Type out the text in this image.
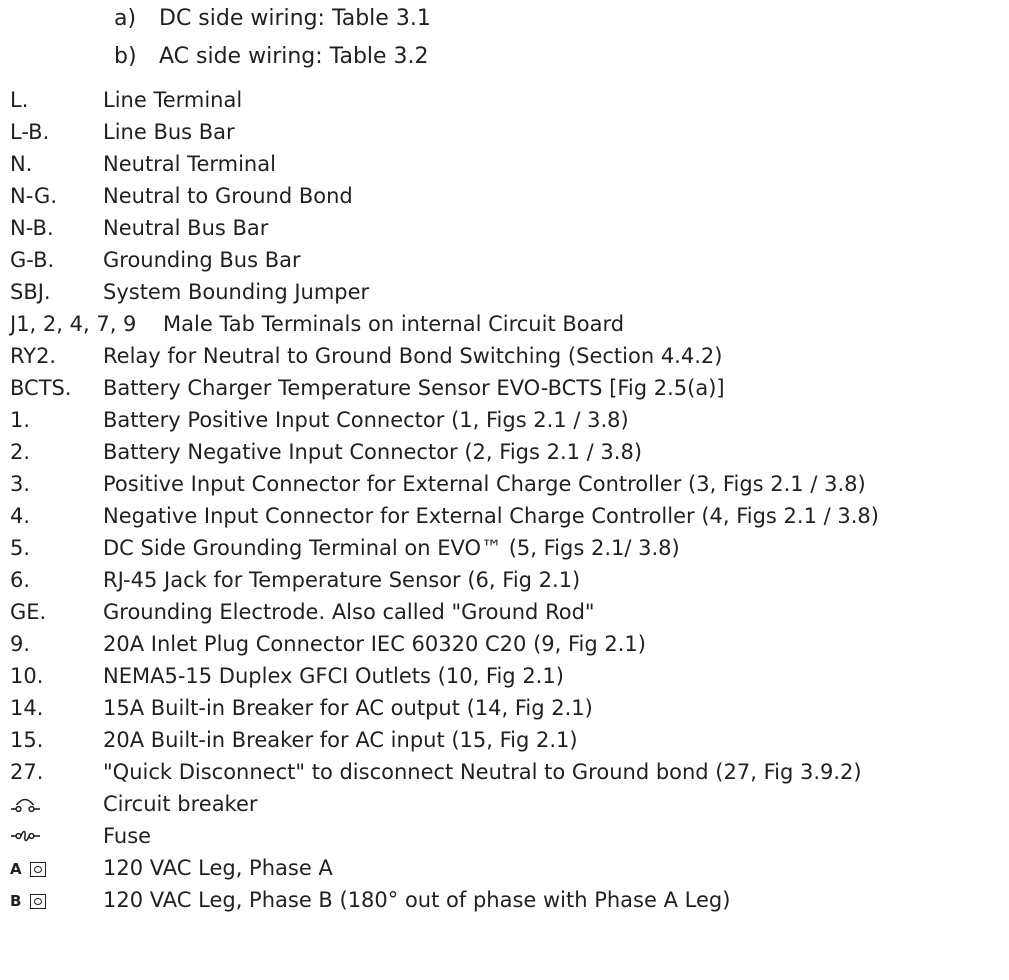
a) DC side wiring: Table 3.1
b) AC side wiring: Table 3.2
L.	Line Terminal
L-B.	Line Bus Bar
N.	Neutral Terminal
N-G. Neutral to Ground Bond
N-B. Neutral Bus Bar
G-B. Grounding Bus Bar
SBJ. System Bounding Jumper
J1, 2, 4, 7, 9 Male Tab Terminals on internal Circuit Board
RY2. Relay for Neutral to Ground Bond Switching (Section 4.4.2)
BCTS. Battery Charger Temperature Sensor EVO-BCTS [Fig 2.5(a)]
1.	Battery Positive Input Connector (1, Figs 2.1 / 3.8)
2.	Battery Negative Input Connector (2, Figs 2.1 / 3.8)
3.	Positive Input Connector for External Charge Controller (3, Figs 2.1 / 3.8)
4.	Negative Input Connector for External Charge Controller (4, Figs 2.1 / 3.8)
5.	DC Side Grounding Terminal on EVO™ (5, Figs 2.1/ 3.8)
6.	RJ-45 Jack for Temperature Sensor (6, Fig 2.1)
GE.	Grounding Electrode. Also called "Ground Rod"
9.	20A Inlet Plug Connector IEC 60320 C20 (9, Fig 2.1)
10.	NEMA5-15 Duplex GFCI Outlets (10, Fig 2.1)
14.	15A Built-in Breaker for AC output (14, Fig 2.1)
15.	20A Built-in Breaker for AC input (15, Fig 2.1)
27.	"Quick Disconnect" to disconnect Neutral to Ground bond (27, Fig 3.9.2)
Circuit breaker
Fuse
A	120 VAC Leg, Phase A
B	120 VAC Leg, Phase B (180° out of phase with Phase A Leg)
